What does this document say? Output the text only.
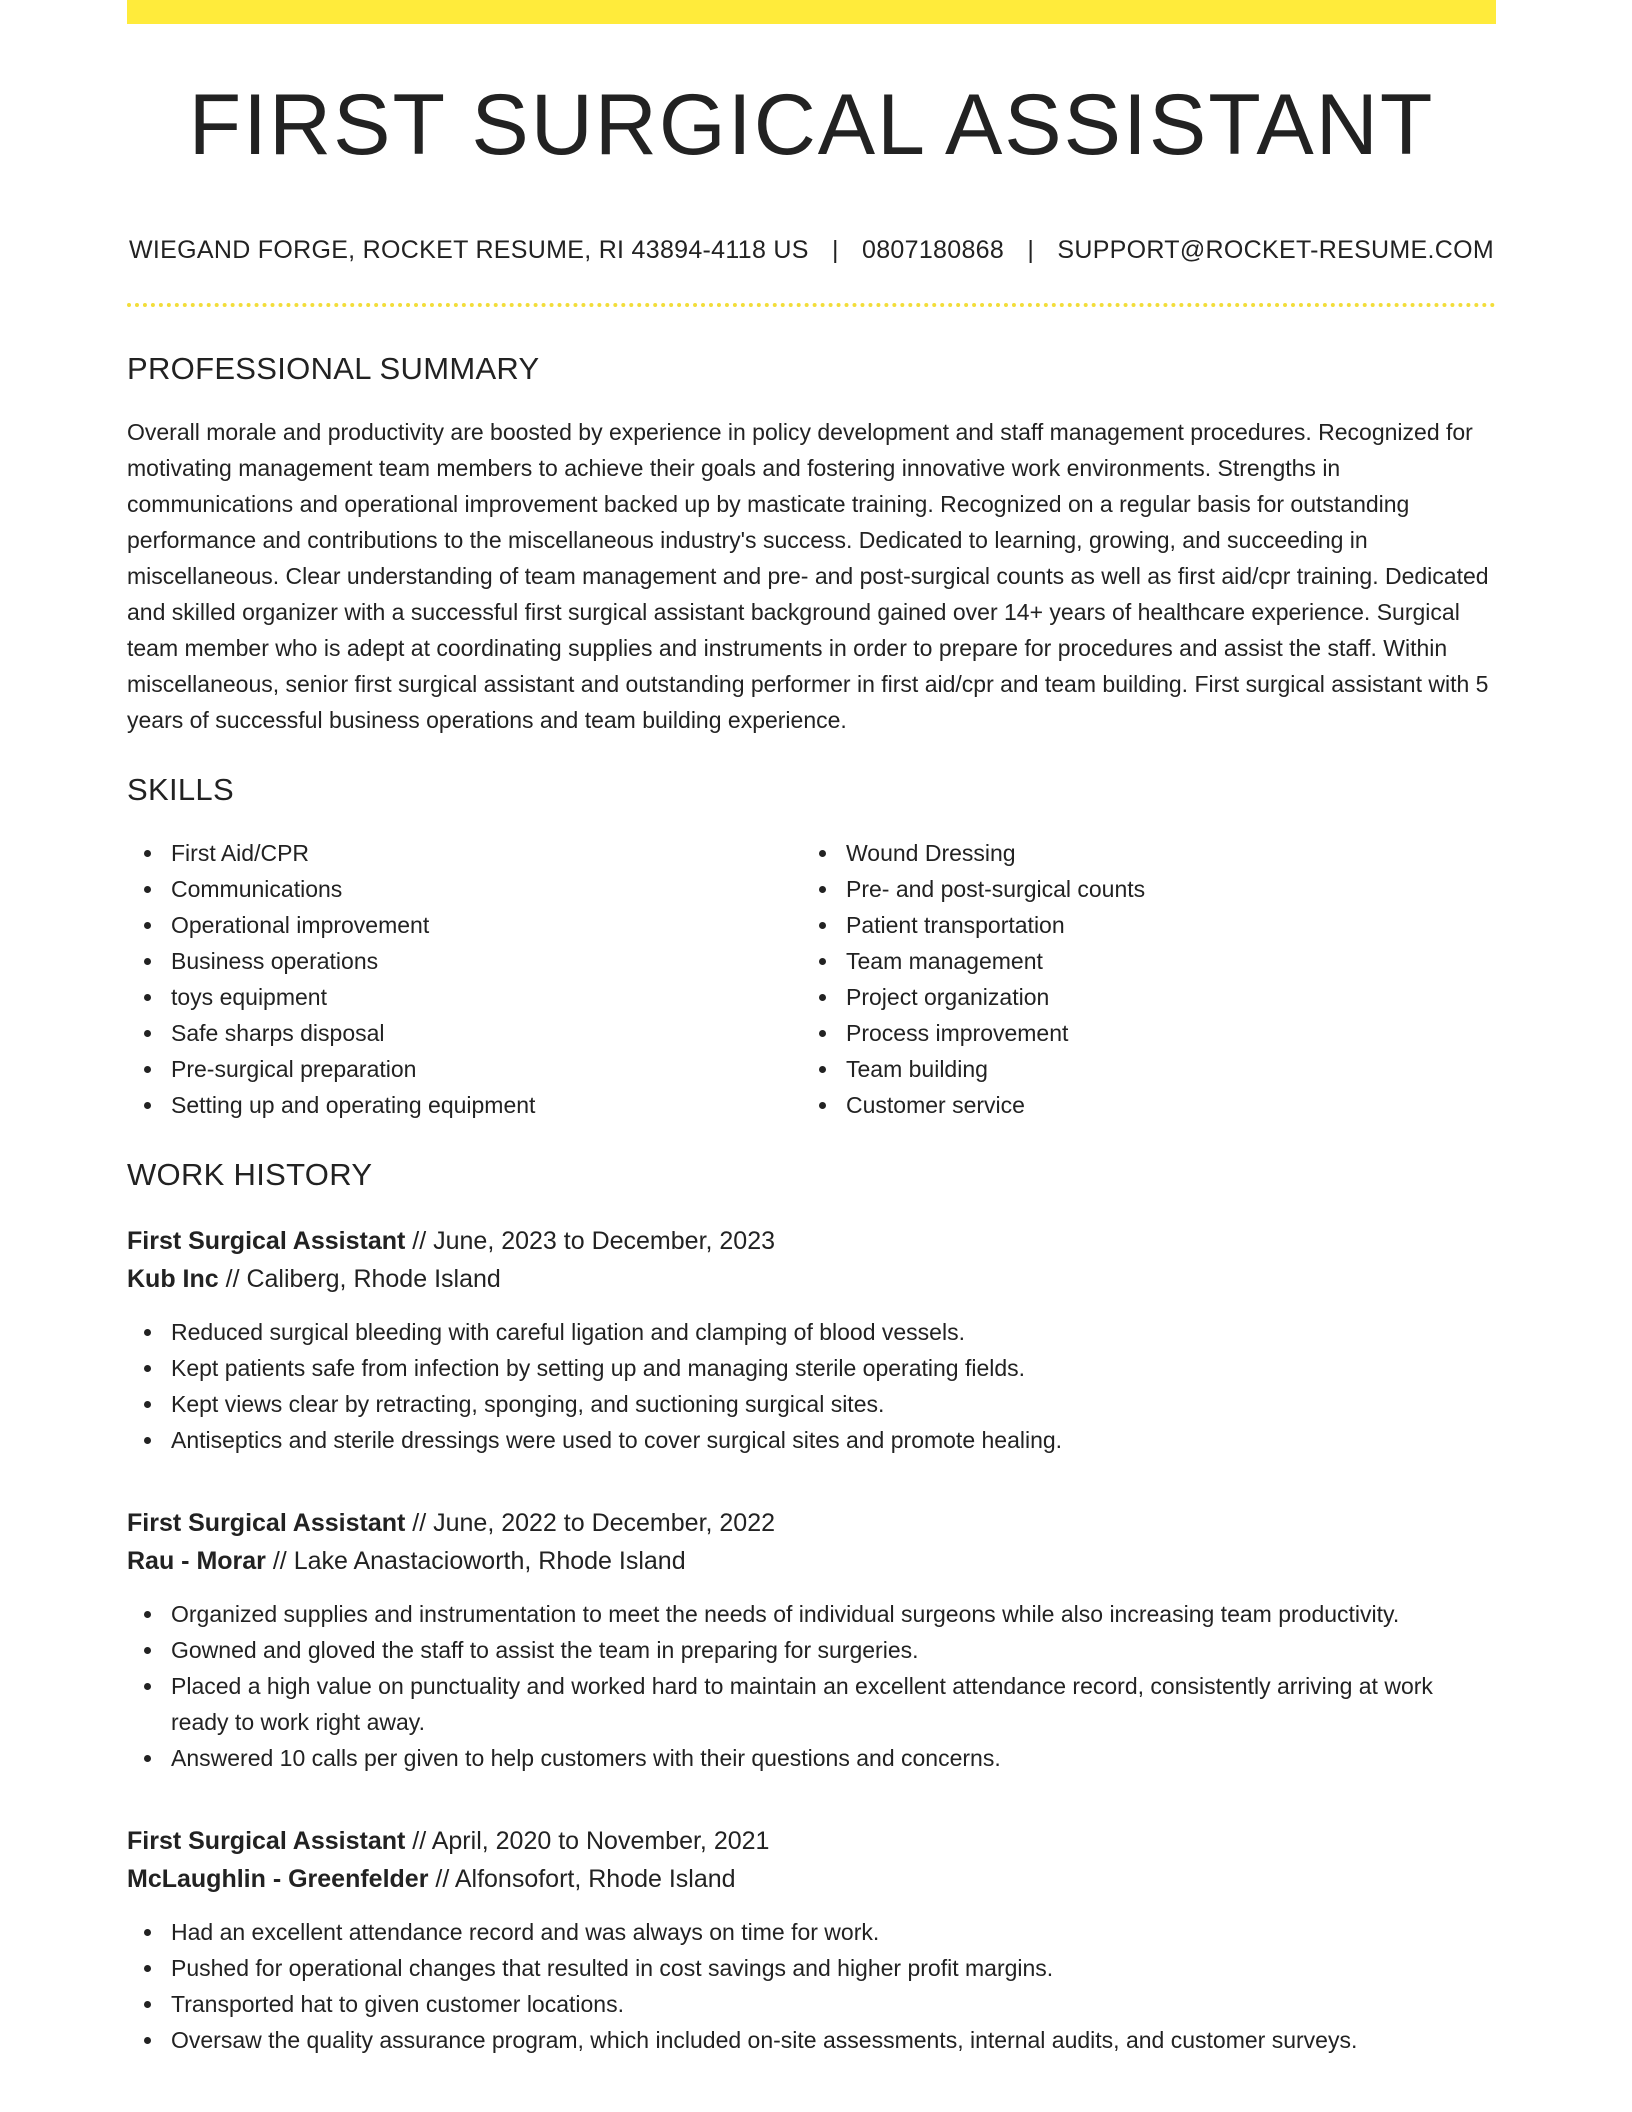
FIRST SURGICAL ASSISTANT
WIEGAND FORGE, ROCKET RESUME, RI 43894-4118 US | 0807180868 | SUPPORT@ROCKET-RESUME.COM
PROFESSIONAL SUMMARY

Overall morale and productivity are boosted by experience in policy development and staff management procedures. Recognized for motivating management team members to achieve their goals and fostering innovative work environments. Strengths in communications and operational improvement backed up by masticate training. Recognized on a regular basis for outstanding performance and contributions to the miscellaneous industry's success. Dedicated to learning, growing, and succeeding in miscellaneous. Clear understanding of team management and pre- and post-surgical counts as well as first aid/cpr training. Dedicated and skilled organizer with a successful first surgical assistant background gained over 14+ years of healthcare experience. Surgical team member who is adept at coordinating supplies and instruments in order to prepare for procedures and assist the staff. Within miscellaneous, senior first surgical assistant and outstanding performer in first aid/cpr and team building. First surgical assistant with 5 years of successful business operations and team building experience.

SKILLS
First Aid/CPR
Communications
Operational improvement
Business operations
toys equipment
Safe sharps disposal
Pre-surgical preparation
Setting up and operating equipment
Wound Dressing
Pre- and post-surgical counts
Patient transportation
Team management
Project organization
Process improvement
Team building
Customer service
WORK HISTORY
First Surgical Assistant // June, 2023 to December, 2023
Kub Inc // Caliberg, Rhode Island
Reduced surgical bleeding with careful ligation and clamping of blood vessels.
Kept patients safe from infection by setting up and managing sterile operating fields.
Kept views clear by retracting, sponging, and suctioning surgical sites.
Antiseptics and sterile dressings were used to cover surgical sites and promote healing.
First Surgical Assistant // June, 2022 to December, 2022
Rau - Morar // Lake Anastacioworth, Rhode Island
Organized supplies and instrumentation to meet the needs of individual surgeons while also increasing team productivity.
Gowned and gloved the staff to assist the team in preparing for surgeries.
Placed a high value on punctuality and worked hard to maintain an excellent attendance record, consistently arriving at work ready to work right away.
Answered 10 calls per given to help customers with their questions and concerns.
First Surgical Assistant // April, 2020 to November, 2021
McLaughlin - Greenfelder // Alfonsofort, Rhode Island
Had an excellent attendance record and was always on time for work.
Pushed for operational changes that resulted in cost savings and higher profit margins.
Transported hat to given customer locations.
Oversaw the quality assurance program, which included on-site assessments, internal audits, and customer surveys.
